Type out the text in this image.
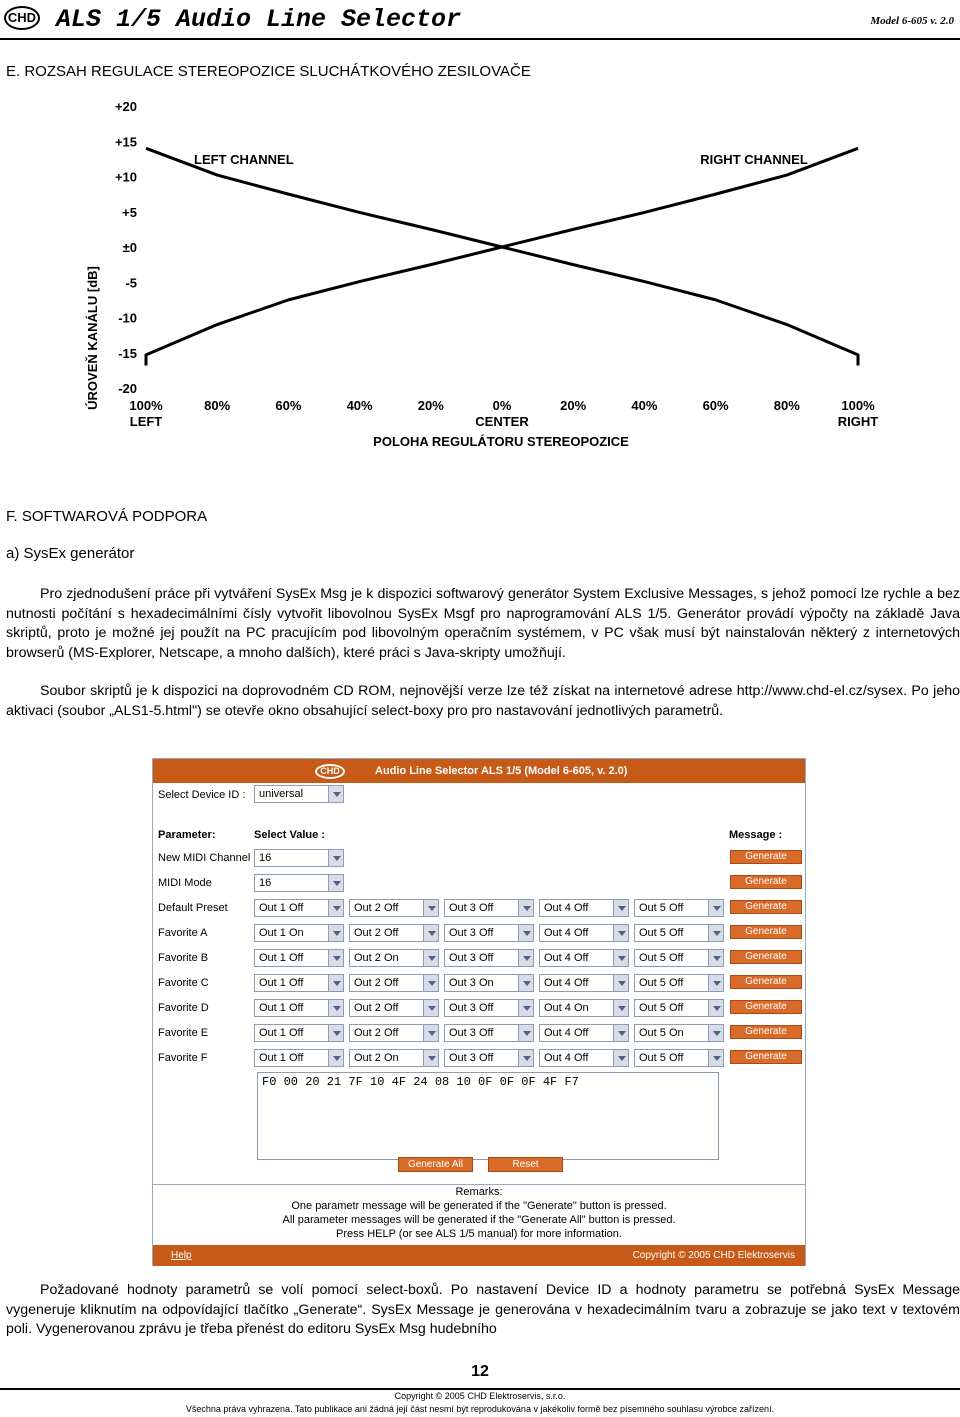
CHD ALS 1/5 Audio Line Selector	Model 6-605 v. 2.0
E. ROZSAH REGULACE STEREOPOZICE SLUCHÁTKOVÉHO ZESILOVAČE
ÚROVEŇ KANÁLU [dB]
+20
+15
+10
+5
±0
-5
-10
-15
-20
100%	80%	60%	40%	20%	0%	20%	40%	60%	80%	100%
LEFT	CENTER	RIGHT
LEFT CHANNEL	RIGHT CHANNEL
POLOHA REGULÁTORU STEREOPOZICE
F. SOFTWAROVÁ PODPORA
a) SysEx generátor
Pro zjednodušení práce při vytváření SysEx Msg je k dispozici softwarový generátor System Exclusive Messages, s jehož pomocí lze rychle a bez nutnosti počítání s hexadecimálními čísly vytvořit libovolnou SysEx Msgf pro naprogramování ALS 1/5. Generátor provádí výpočty na základě Java skriptů, proto je možné jej použít na PC pracujícím pod libovolným operačním systémem, v PC však musí být nainstalován některý z internetových browserů (MS-Explorer, Netscape, a mnoho dalších), které práci s Java-skripty umožňují.
Soubor skriptů je k dispozici na doprovodném CD ROM, nejnovější verze lze též získat na internetové adrese http://www.chd-el.cz/sysex. Po jeho aktivaci (soubor „ALS1-5.html") se otevře okno obsahující select-boxy pro pro nastavování jednotlivých parametrů.
CHD	Audio Line Selector ALS 1/5 (Model 6-605, v. 2.0)
Select Device ID :	universal
Parameter:	Select Value :	Message :
New MIDI Channel 16	Generate
MIDI Mode	16	Generate
Default Preset	Out 1 Off	Out 2 Off	Out 3 Off	Out 4 Off	Out 5 Off	Generate
Favorite A	Out 1 On	Out 2 Off	Out 3 Off	Out 4 Off	Out 5 Off	Generate
Favorite B	Out 1 Off	Out 2 On	Out 3 Off	Out 4 Off	Out 5 Off	Generate
Favorite C	Out 1 Off	Out 2 Off	Out 3 On	Out 4 Off	Out 5 Off	Generate
Favorite D	Out 1 Off	Out 2 Off	Out 3 Off	Out 4 On	Out 5 Off	Generate
Favorite E	Out 1 Off	Out 2 Off	Out 3 Off	Out 4 Off	Out 5 On	Generate
Favorite F	Out 1 Off	Out 2 On	Out 3 Off	Out 4 Off	Out 5 Off	Generate
F0 00 20 21 7F 10 4F 24 08 10 0F 0F 0F 4F F7
Generate All	Reset
Remarks:
One parametr message will be generated if the "Generate" button is pressed.
All parameter messages will be generated if the "Generate All" button is pressed.
Press HELP (or see ALS 1/5 manual) for more information.
Help	Copyright © 2005 CHD Elektroservis
Požadované hodnoty parametrů se volí pomocí select-boxů. Po nastavení Device ID a hodnoty parametru se potřebná SysEx Message vygeneruje kliknutím na odpovídající tlačítko „Generate“. SysEx Message je generována v hexadecimálním tvaru a zobrazuje se jako text v textovém poli. Vygenerovanou zprávu je třeba přenést do editoru SysEx Msg hudebního
12
Copyright © 2005 CHD Elektroservis, s.r.o.
Všechna práva vyhrazena. Tato publikace ani žádná její část nesmí být reprodukována v jakékoliv formě bez písemného souhlasu výrobce zařízení.
